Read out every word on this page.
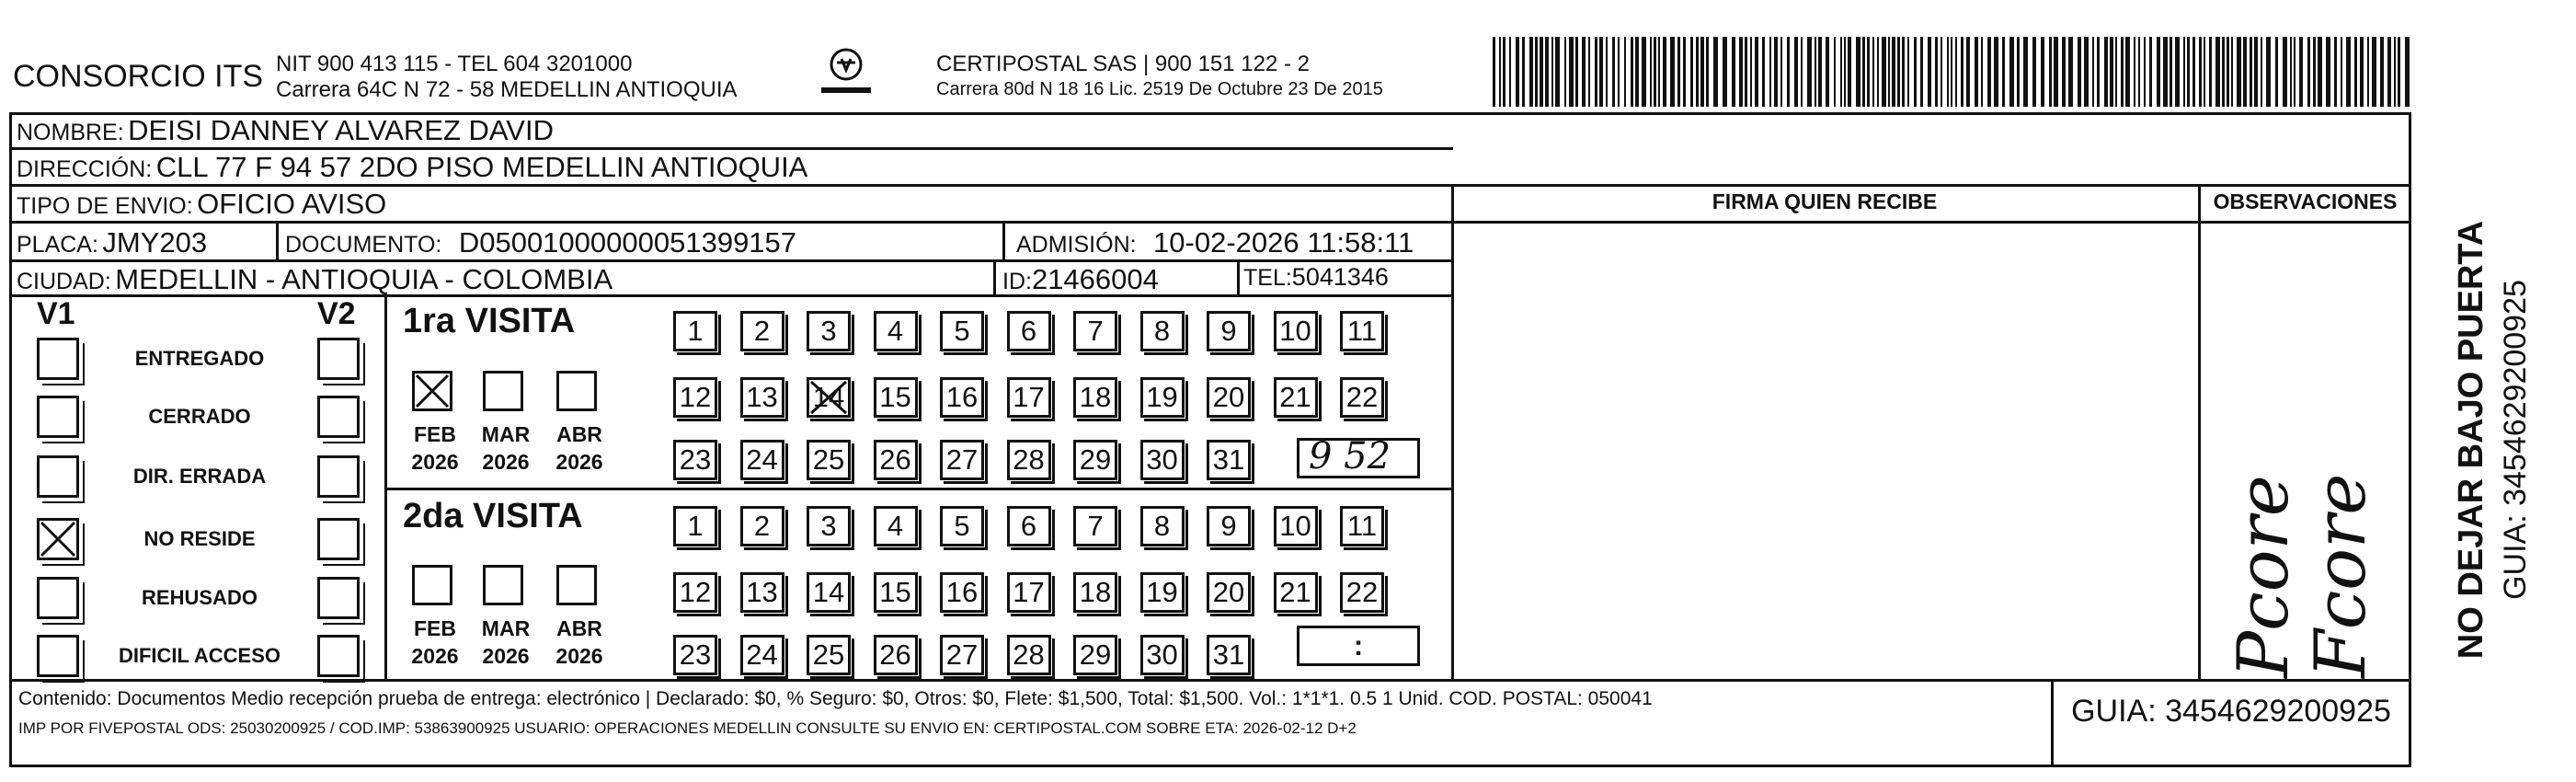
CONSORCIO ITS NIT 900 413 115 - TEL 604 3201000
Carrera 64C N 72 - 58 MEDELLIN ANTIOQUIA
CERTIPOSTAL SAS | 900 151 122 - 2
Carrera 80d N 18 16 Lic. 2519 De Octubre 23 De 2015
NOMBRE: DEISI DANNEY ALVAREZ DAVID
DIRECCIÓN: CLL 77 F 94 57 2DO PISO MEDELLIN ANTIOQUIA
TIPO DE ENVIO: OFICIO AVISO	FIRMA QUIEN RECIBE	OBSERVACIONES
PLACA: JMY203	DOCUMENTO: D05001000000051399157	ADMISIÓN: 10-02-2026 11:58:11
CIUDAD: MEDELLIN - ANTIOQUIA - COLOMBIA	ID:21466004	TEL:5041346
V1	V2
ENTREGADO
CERRADO
DIR. ERRADA
NO RESIDE
REHUSADO
DIFICIL ACCESO
1ra VISITA
FEB
2026
MAR
2026
ABR
2026
1	2	3	4	5	6	7	8	9	10 11
12 13 14 15 16 17 18 19 20 21 22
23 24 25 26 27 28 29 30 31 9 52
2da VISITA
FEB
2026
MAR
2026
ABR
2026
1	2	3	4	5	6	7	8	9	10 11
12 13 14 15 16 17 18 19 20 21 22
23 24 25 26 27 28 29 30 31	:	Pcore Fcore
Contenido: Documentos Medio recepción prueba de entrega: electrónico | Declarado: $0, % Seguro: $0, Otros: $0, Flete: $1,500, Total: $1,500. Vol.: 1*1*1. 0.5 1 Unid. COD. POSTAL: 050041
IMP POR FIVEPOSTAL ODS: 25030200925 / COD.IMP: 53863900925 USUARIO: OPERACIONES MEDELLIN CONSULTE SU ENVIO EN: CERTIPOSTAL.COM SOBRE ETA: 2026-02-12 D+2	GUIA: 3454629200925
NO DEJAR BAJO PUERTA GUIA: 3454629200925
